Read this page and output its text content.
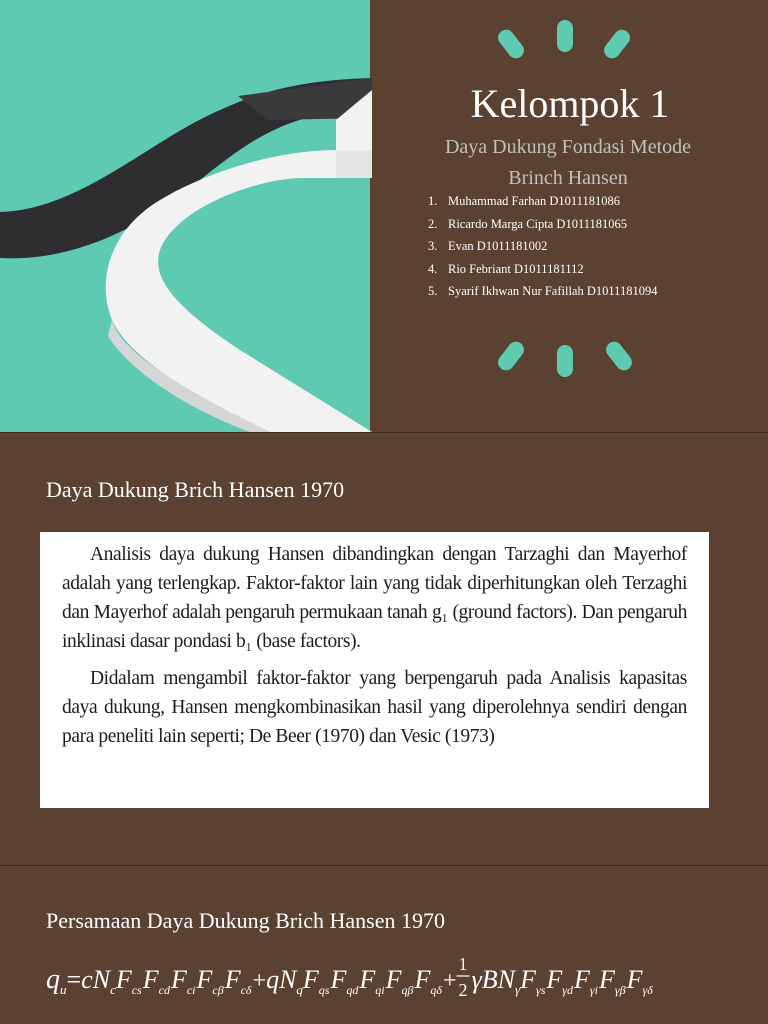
Kelompok 1
Daya Dukung Fondasi Metode Brinch Hansen
1. Muhammad Farhan D1011181086
2. Ricardo Marga Cipta D1011181065
3. Evan D1011181002
4. Rio Febriant D1011181112
5. Syarif Ikhwan Nur Fafillah D1011181094
Daya Dukung Brich Hansen 1970

Analisis daya dukung Hansen dibandingkan dengan Tarzaghi dan Mayerhof adalah yang terlengkap. Faktor-faktor lain yang tidak diperhitungkan oleh Terzaghi dan Mayerhof adalah pengaruh permukaan tanah g₁ (ground factors). Dan pengaruh inklinasi dasar pondasi b₁ (base factors).

Didalam mengambil faktor-faktor yang berpengaruh pada Analisis kapasitas daya dukung, Hansen mengkombinasikan hasil yang diperolehnya sendiri dengan para peneliti lain seperti; De Beer (1970) dan Vesic (1973)

Persamaan Daya Dukung Brich Hansen 1970
q u = c N c F cs F cd F ci F cβ F cδ + q N q F qs F qd F qi F qβ F qδ +
1
2 γ B N γ F γs F γd F γi F γβ F γδ
